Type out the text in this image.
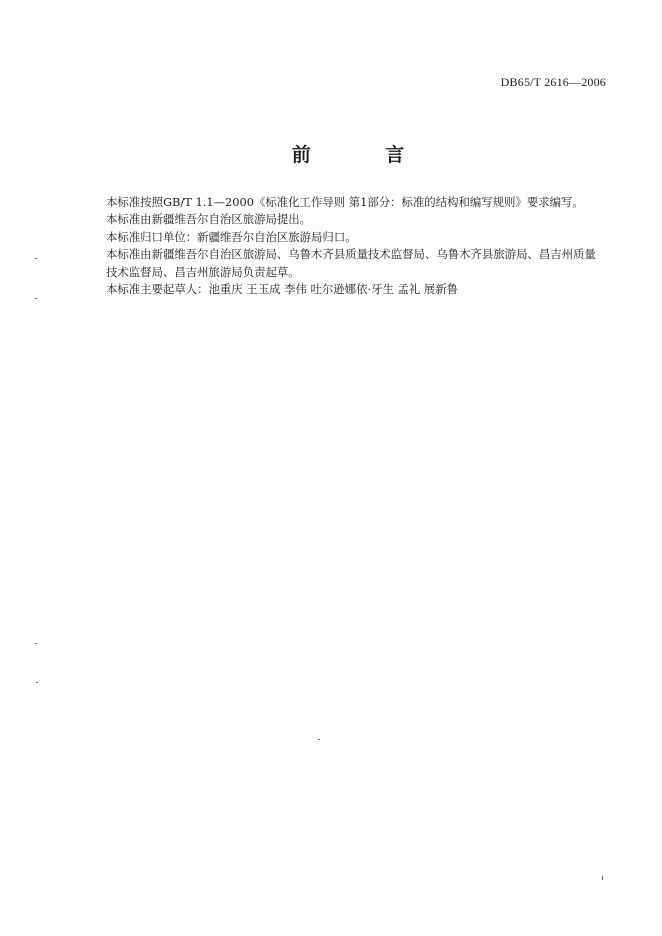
DB65/T 2616—2006
前 言

本标准按照GB/T 1.1—2000《标准化工作导则 第1部分：标准的结构和编写规则》要求编写。

本标准由新疆维吾尔自治区旅游局提出。

本标准归口单位：新疆维吾尔自治区旅游局归口。

本标准由新疆维吾尔自治区旅游局、乌鲁木齐县质量技术监督局、乌鲁木齐县旅游局、昌吉州质量技术监督局、昌吉州旅游局负责起草。

本标准主要起草人：池重庆 王玉成 李伟 吐尔逊娜依·牙生 孟礼 展新鲁
